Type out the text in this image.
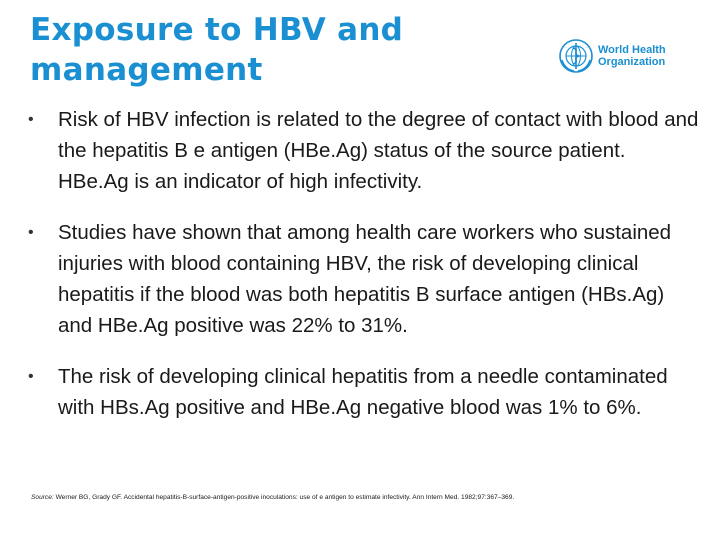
Exposure to HBV and
management
World Health
Organization
• Risk of HBV infection is related to the degree of contact with blood and the hepatitis B e antigen (HBe.Ag) status of the source patient. HBe.Ag is an indicator of high infectivity.
• Studies have shown that among health care workers who sustained injuries with blood containing HBV, the risk of developing clinical hepatitis if the blood was both hepatitis B surface antigen (HBs.Ag) and HBe.Ag positive was 22% to 31%.
• The risk of developing clinical hepatitis from a needle contaminated with HBs.Ag positive and HBe.Ag negative blood was 1% to 6%.
Source: Werner BG, Grady GF. Accidental hepatitis-B-surface-antigen-positive inoculations: use of e antigen to estimate infectivity. Ann Intern Med. 1982;97:367–369.
